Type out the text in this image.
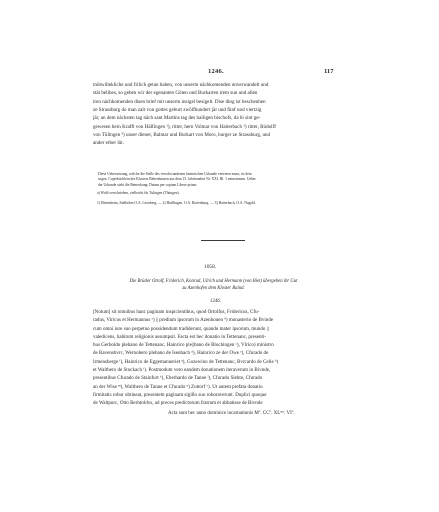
1246.	117
mütwillekliche und frilich getan haben, von unserm nächkomenden unverwandelt und
stät belibes, so geben wir der egenanten Göten und Burkarten irem sun und allen
iren nächkomenden disen brief mit unserm insigel besigelt. Dise ding ist beschenhen
ze Strassburg do man zalt von gottes geburt zwölfhundert jär und fünf und viertzig
jär, an dem nächsten tag näch sant Martins tag des hailigen bischofs, da bi sint ge-
gewesen hern Krafft von Hälfingen ¹), ritter, hern Volmar von Haiterbach ²) ritter, Rüdolff
von Tülingen ³) unser diener, Balmar und Burkart von Moro, burger ze Strassburg, und
ander erber lüt.
Diese Uebersetzung, welche die Stelle des verschwundenen lateinischen Urkunde vertreten muss, ist dem
sogen. Copeibüchlein des Klosters Bebenhausen aus dem 15. Jahrhundert Nr. XXI. Bl. 1 entnommen. Ueber
der Urkunde steht die Bemerkung: Datum per copiam Libere primo.
a) Wohl verschrieben, vielleicht für Tulingen (Thüngen).
1) Heimsheim, Südhöfen O.A. Leonberg. — 2) Hailfingen, O.A. Rottenburg. — 3) Haiterbach, O.A. Nagold.
1058.
Die Brüder Ortolf, Friderich, Konrad, Ulrich und Hermann (von Biet) übergeben ihr Gut
zu Azenhofen dem Kloster Baind.
1246.
[Notum] sit omnibus hanc paginam inspicientibus, quod Ortolfus, Fridericus, Cfu-
radus, Viricus et Hermannus ᵃ) || predium ipsorum in Azenhouen ᵇ) monasterio de Bvinde
cum omni iure suo perpetuo possidendum tradiderunt, quando mater ipsorum, mundo ||
valedicens, habitum religionis assumpsit. Facta est hec donatio in Tettenanc, presenti-
bus Gerboldo plebano de Tettenanc, Hainrico ple||bano de Blochingen ᶜ), Vlrico) ministro
de Ravensbvrc, Wernohero plebano de Isenbach ᵈ), Hainrico ze der Owe ᵉ), Cfurado de
Irmensberge ᶠ), Hainrico de Eggemanneriet ᶢ), Gozewino de Tettenanc, Bvrcardo de Celle ʰ)
et Walthero de Stockach ⁱ). Postmodum vero eandem donationem iteraverunt in Bivnde,
presentibus Cfurado de Stainfurt ᵏ), Eberhardo de Tanne ˡ), Cfurado Slehte, Cfurado
an der Wise ᵐ), Walthero de Tanne et Cfurado ⁿ) Zuttorf ᵒ). Ut autem prefata donatio
firmitatis robur obtineat, presentem paginam sigillo suo roboraverunt. Duplici quoque
de Waltpurc, Otto Berhtoldvs, ad preces predictorum fratrum et abbatisse de Bivnde
Acta sunt hec anno dominice incarnationis Mº. CCº. XLᵐᵒ. VIº.
